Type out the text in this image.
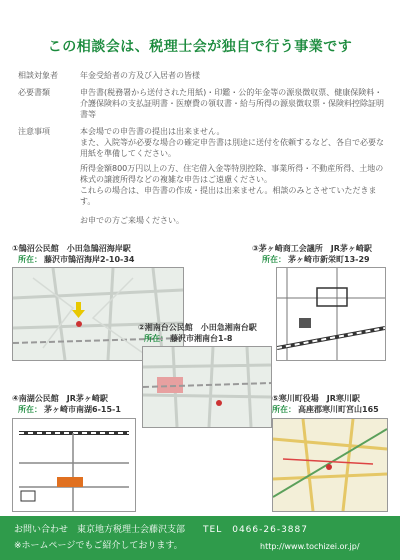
この相談会は、税理士会が独自で行う事業です
相談対象者	年金受給者の方及び入居者の皆様
必要書類	申告書(税務署から送付された用紙)・印鑑・公的年金等の源泉徴収票、健康保険料・介護保険料の支払証明書・医療費の領収書・給与所得の源泉徴収票・保険料控除証明書等
注意事項	本会場での申告書の提出は出来ません。

また、入院等が必要な場合の確定申告書は別途に送付を依頼するなど、各自で必要な用紙を準備してください。

所得金額800万円以上の方、住宅借入金等特別控除、事業所得・不動産所得、土地の株式の譲渡所得などの複雑な申告はご遠慮ください。

これらの場合は、申告書の作成・提出は出来ません。相談のみとさせていただきます。

お申での方ご来場ください。

①鵠沼公民館　 小田急鵠沼海岸駅
所在： 藤沢市鵠沼海岸2-10-34
②湘南台公民館　 小田急湘南台駅
所在： 藤沢市湘南台1-8
③茅ヶ崎商工会議所　 JR茅ヶ崎駅
所在： 茅ヶ崎市新栄町13-29
④南湖公民館　 JR茅ヶ崎駅
所在： 茅ヶ崎市南湖6-15-1
⑤寒川町役場　 JR寒川駅
所在： 高座郡寒川町宮山165
お問い合わせ　東京地方税理士会藤沢支部 TEL　0466-26-3887
※ホームページでもご紹介しております。	http://www.tochizei.or.jp/
